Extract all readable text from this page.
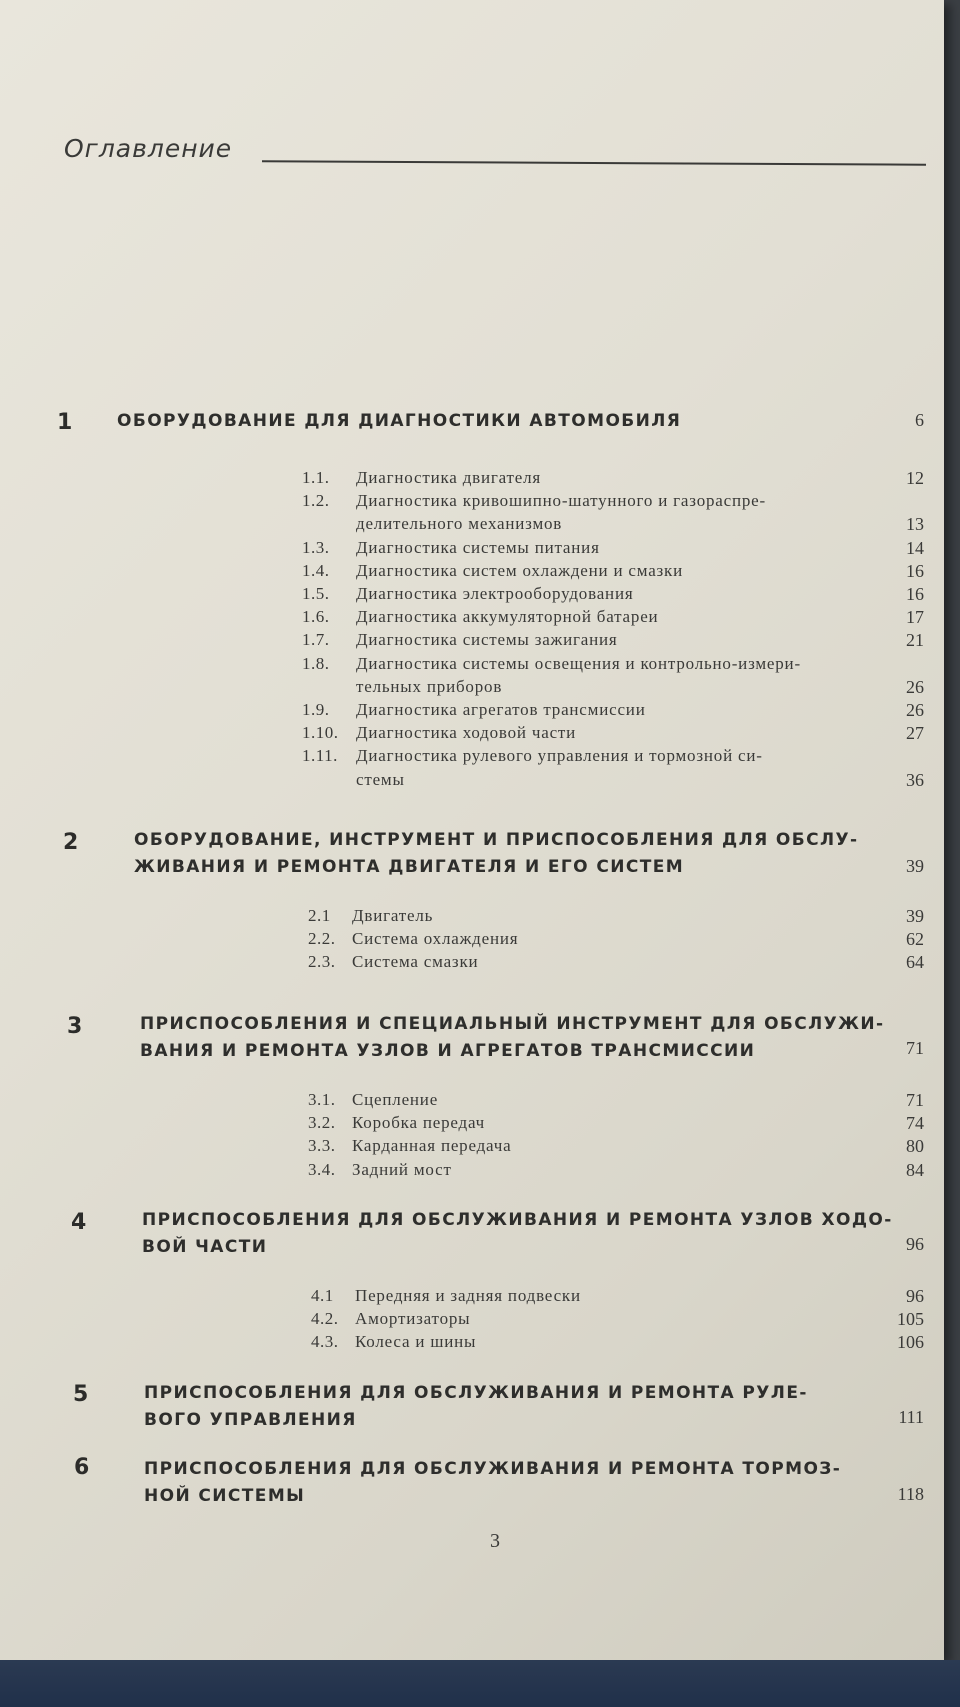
Оглавление
1	ОБОРУДОВАНИЕ ДЛЯ ДИАГНОСТИКИ АВТОМОБИЛЯ	6
1.1. Диагностика двигателя	12
1.2. Диагностика кривошипно-шатунного и газораспре-
делительного механизмов	13
1.3. Диагностика системы питания	14
1.4. Диагностика систем охлаждени и смазки	16
1.5. Диагностика электрооборудования	16
1.6. Диагностика аккумуляторной батареи	17
1.7. Диагностика системы зажигания	21
1.8. Диагностика системы освещения и контрольно-измери-
тельных приборов	26
1.9. Диагностика агрегатов трансмиссии	26
1.10. Диагностика ходовой части	27
1.11. Диагностика рулевого управления и тормозной си-
стемы	36
2	ОБОРУДОВАНИЕ, ИНСТРУМЕНТ И ПРИСПОСОБЛЕНИЯ ДЛЯ ОБСЛУ-
ЖИВАНИЯ И РЕМОНТА ДВИГАТЕЛЯ И ЕГО СИСТЕМ	39
2.1 Двигатель	39
2.2. Система охлаждения	62
2.3. Система смазки	64
3	ПРИСПОСОБЛЕНИЯ И СПЕЦИАЛЬНЫЙ ИНСТРУМЕНТ ДЛЯ ОБСЛУЖИ-
ВАНИЯ И РЕМОНТА УЗЛОВ И АГРЕГАТОВ ТРАНСМИССИИ	71
3.1. Сцепление	71
3.2. Коробка передач	74
3.3. Карданная передача	80
3.4. Задний мост	84
4	ПРИСПОСОБЛЕНИЯ ДЛЯ ОБСЛУЖИВАНИЯ И РЕМОНТА УЗЛОВ ХОДО-
ВОЙ ЧАСТИ	96
4.1 Передняя и задняя подвески	96
4.2. Амортизаторы	105
4.3. Колеса и шины	106
5	ПРИСПОСОБЛЕНИЯ ДЛЯ ОБСЛУЖИВАНИЯ И РЕМОНТА РУЛЕ-
ВОГО УПРАВЛЕНИЯ	111
6	ПРИСПОСОБЛЕНИЯ ДЛЯ ОБСЛУЖИВАНИЯ И РЕМОНТА ТОРМОЗ-
НОЙ СИСТЕМЫ	118
3
